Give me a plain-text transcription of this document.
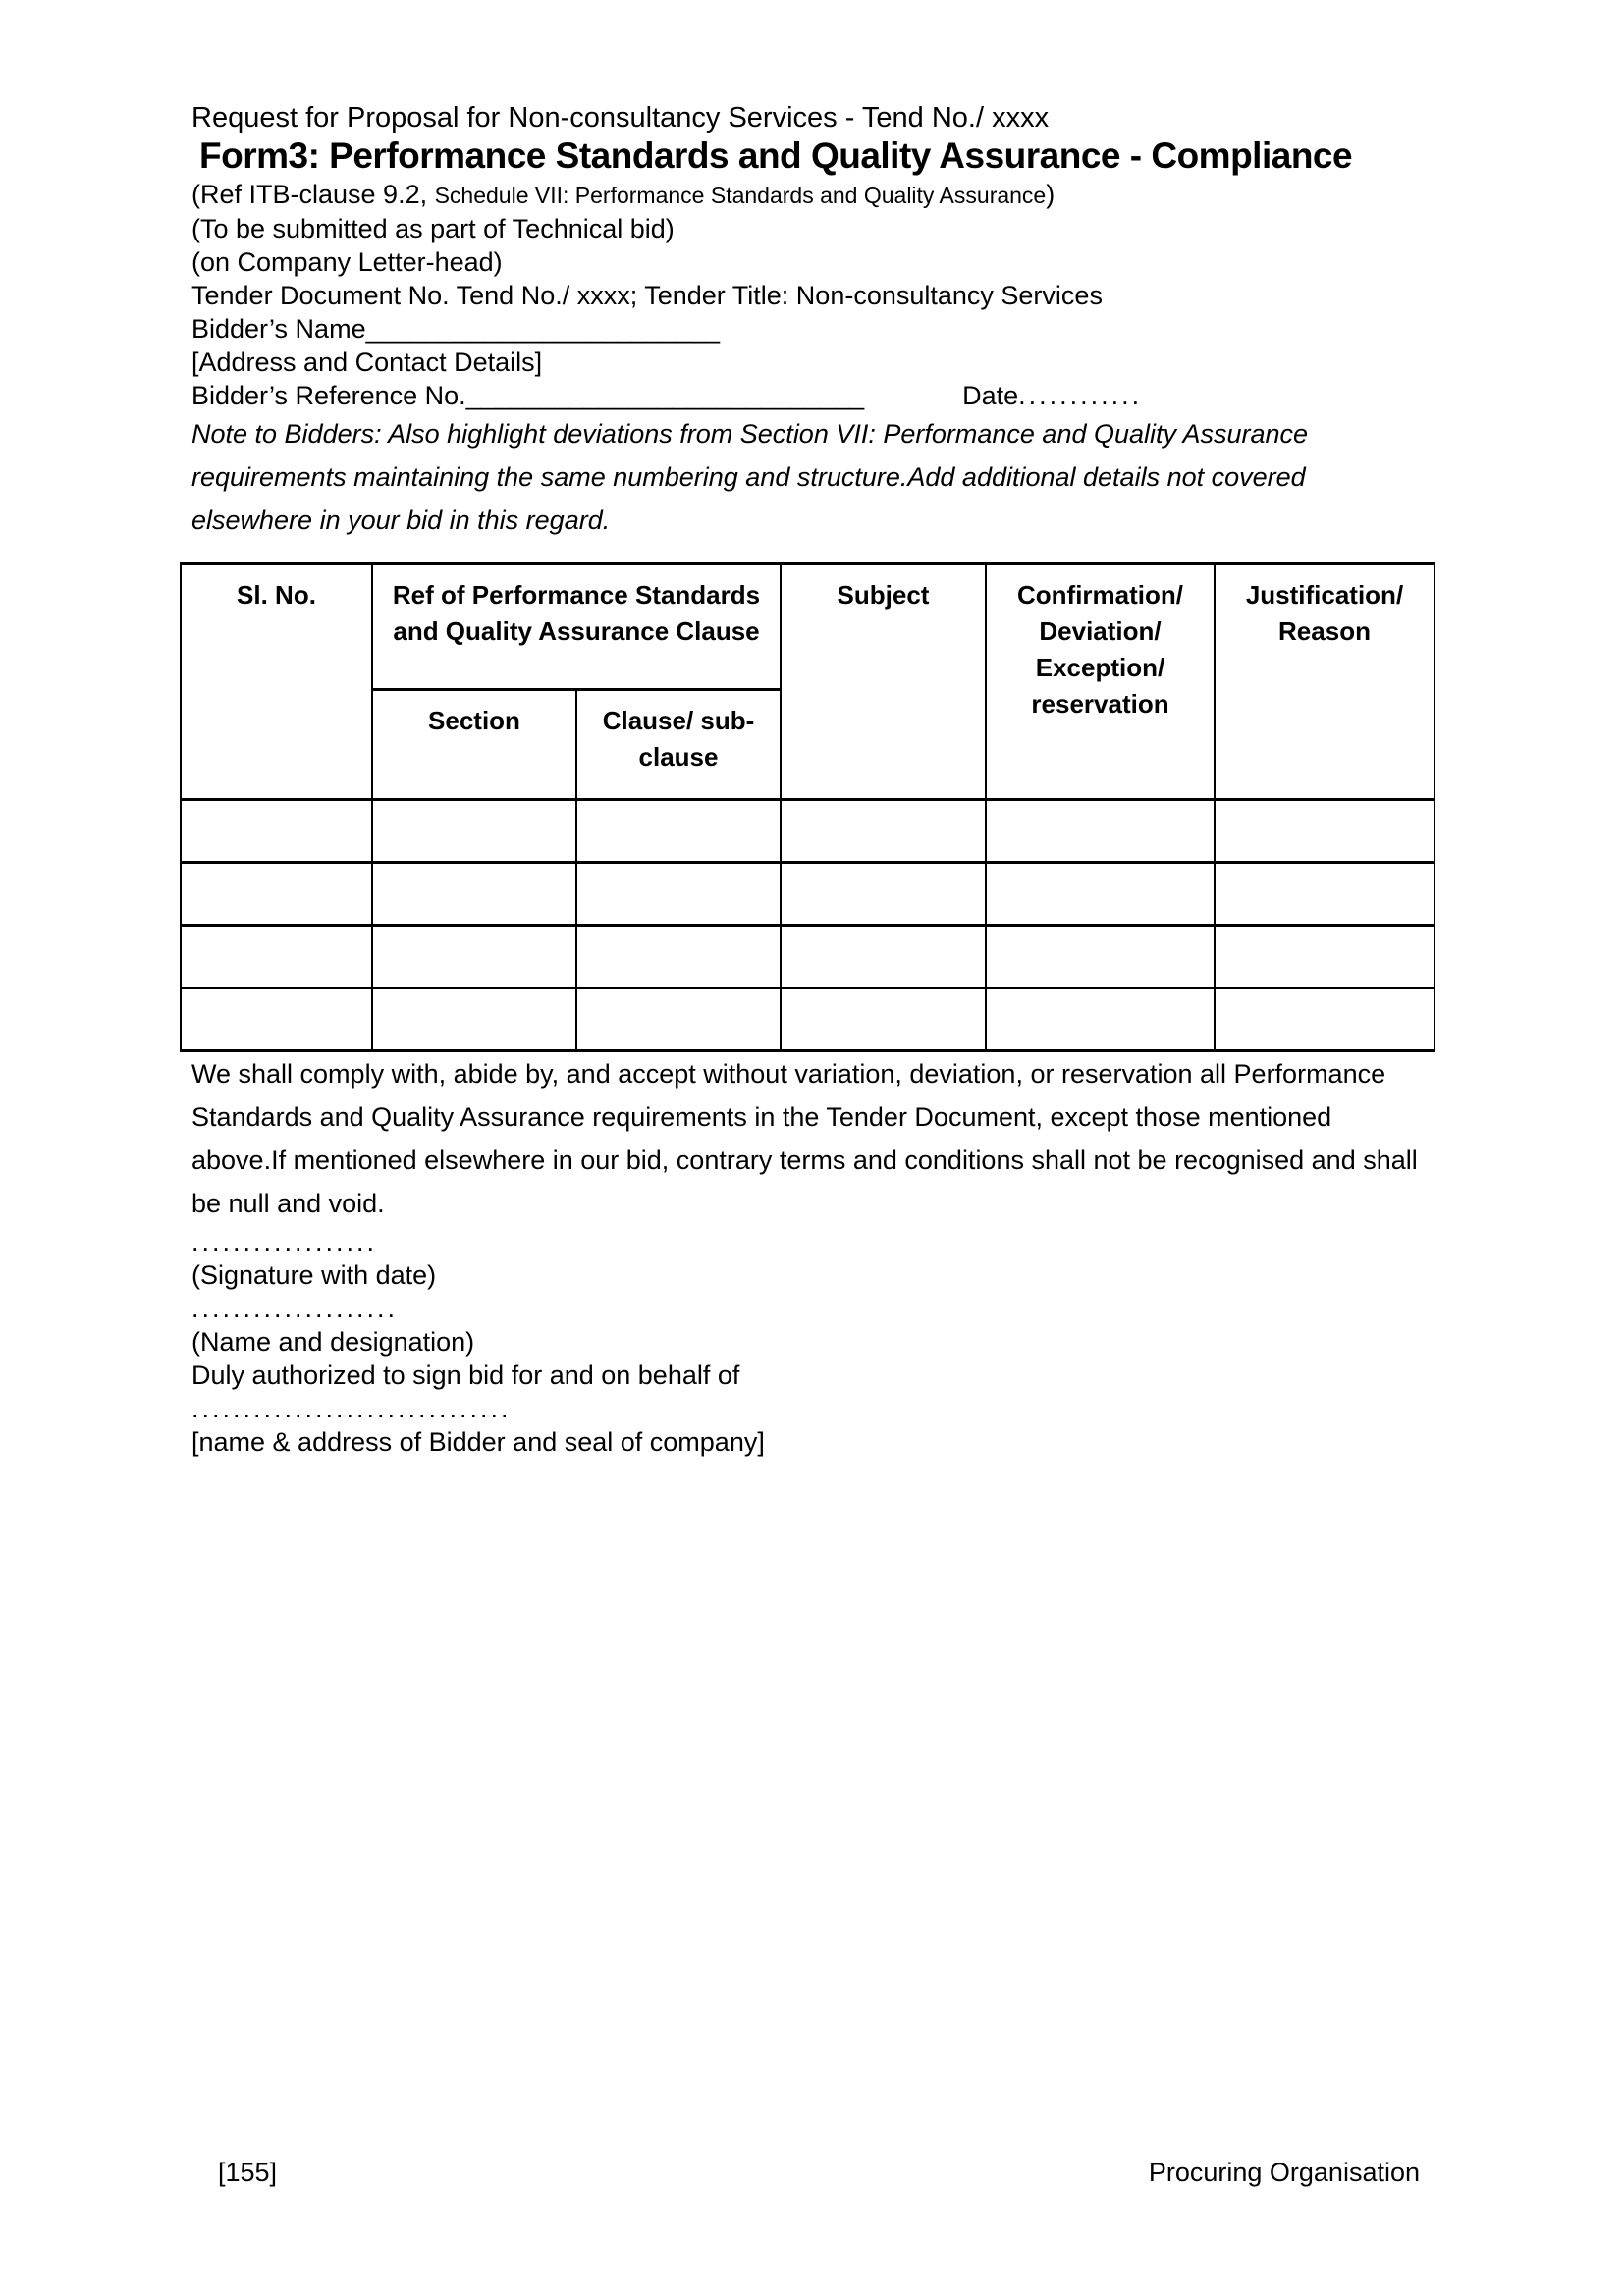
Request for Proposal for Non-consultancy Services - Tend No./ xxxx

Form3: Performance Standards and Quality Assurance - Compliance

(Ref ITB-clause 9.2, Schedule VII: Performance Standards and Quality Assurance)

(To be submitted as part of Technical bid)

(on Company Letter-head)

Tender Document No. Tend No./ xxxx; Tender Title: Non-consultancy Services

Bidder’s Name________________________

[Address and Contact Details]

Bidder’s Reference No.___________________________	Date............

Note to Bidders: Also highlight deviations from Section VII: Performance and Quality Assurance requirements maintaining the same numbering and structure.Add additional details not covered elsewhere in your bid in this regard.

Sl. No.	Ref of Performance Standards and Quality Assurance Clause		Subject	Confirmation/ Deviation/ Exception/ reservation	Justification/ Reason
	Section	Clause/ sub-clause			

We shall comply with, abide by, and accept without variation, deviation, or reservation all Performance Standards and Quality Assurance requirements in the Tender Document, except those mentioned above.If mentioned elsewhere in our bid, contrary terms and conditions shall not be recognised and shall be null and void.

..................

(Signature with date)

....................

(Name and designation)

Duly authorized to sign bid for and on behalf of

...............................

[name & address of Bidder and seal of company]

[155]	Procuring Organisation
